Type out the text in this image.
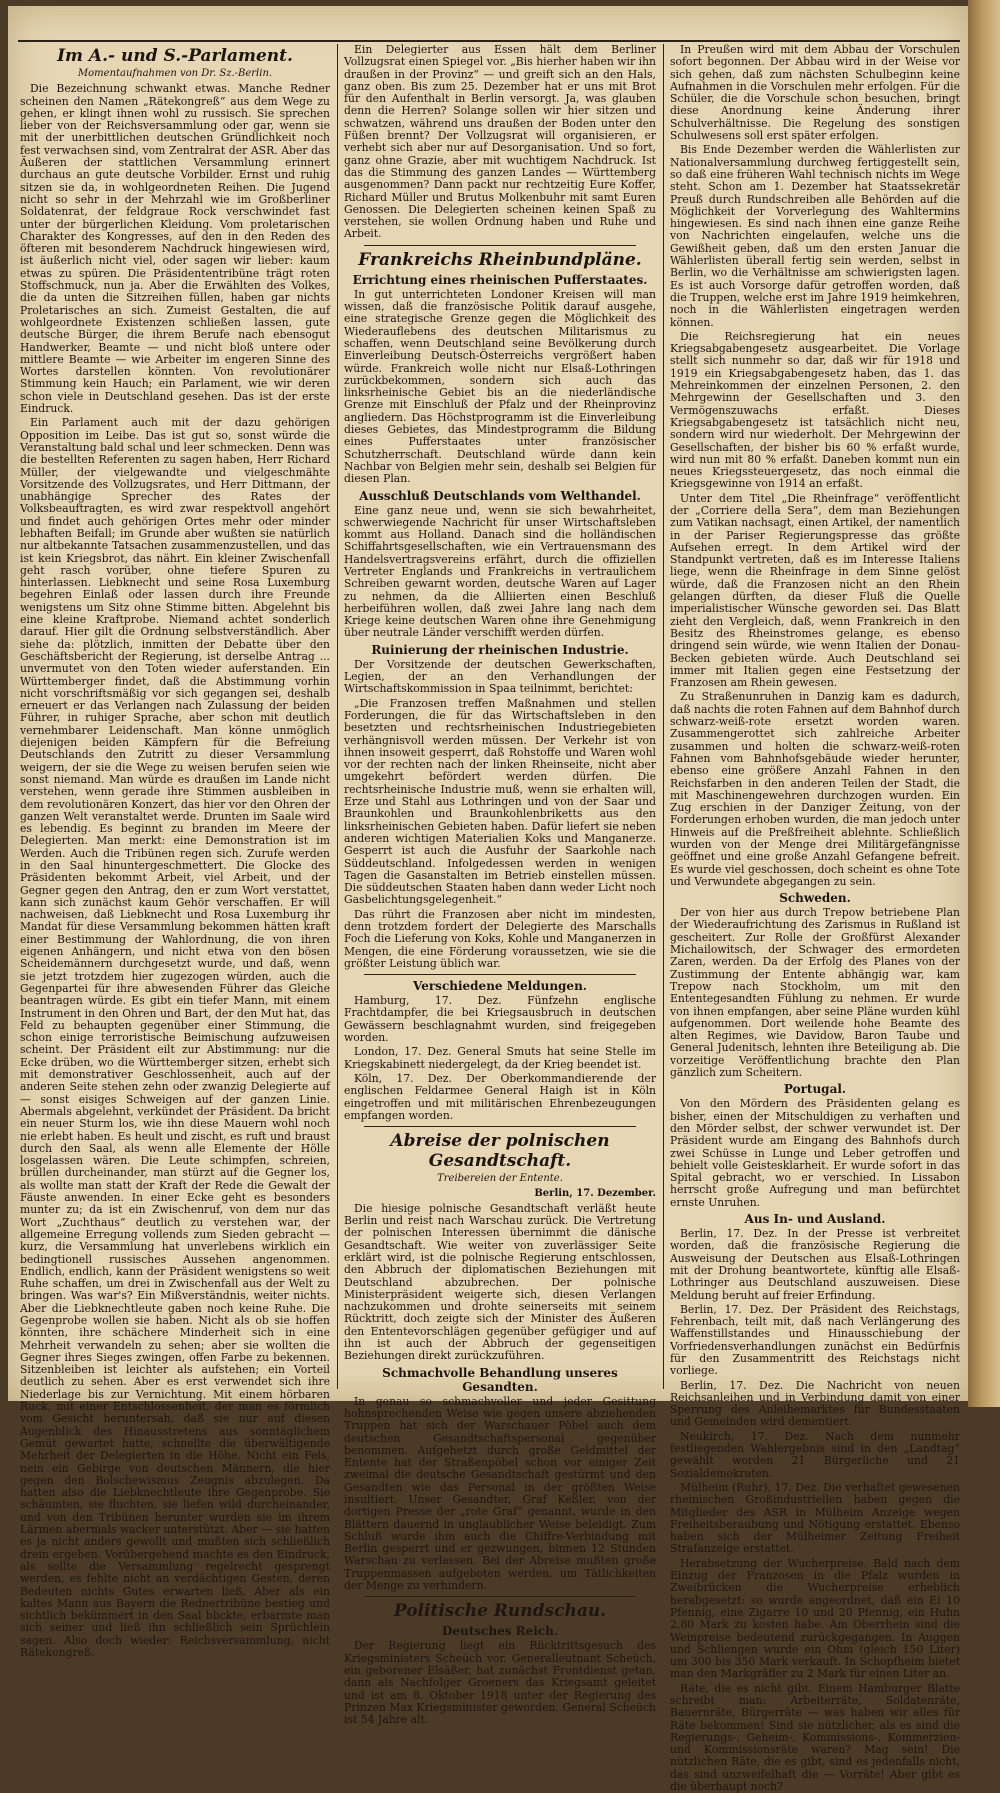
Im A.- und S.-Parlament.
Momentaufnahmen von Dr. Sz.-Berlin.

Die Bezeichnung schwankt etwas. Manche Redner scheinen den Namen „Rätekongreß“ aus dem Wege zu gehen, er klingt ihnen wohl zu russisch. Sie sprechen lieber von der Reichsversammlung oder gar, wenn sie mit der unerbittlichen deutschen Gründlichkeit noch fest verwachsen sind, vom Zentralrat der ASR. Aber das Äußeren der stattlichen Versammlung erinnert durchaus an gute deutsche Vorbilder. Ernst und ruhig sitzen sie da, in wohlgeordneten Reihen. Die Jugend nicht so sehr in der Mehrzahl wie im Großberliner Soldatenrat, der feldgraue Rock verschwindet fast unter der bürgerlichen Kleidung. Vom proletarischen Charakter des Kongresses, auf den in den Reden des öfteren mit besonderem Nachdruck hingewiesen wird, ist äußerlich nicht viel, oder sagen wir lieber: kaum etwas zu spüren. Die Präsidententribüne trägt roten Stoffschmuck, nun ja. Aber die Erwählten des Volkes, die da unten die Sitzreihen füllen, haben gar nichts Proletarisches an sich. Zumeist Gestalten, die auf wohlgeordnete Existenzen schließen lassen, gute deutsche Bürger, die ihrem Berufe nach ebensogut Handwerker, Beamte — und nicht bloß untere oder mittlere Beamte — wie Arbeiter im engeren Sinne des Wortes darstellen könnten. Von revolutionärer Stimmung kein Hauch; ein Parlament, wie wir deren schon viele in Deutschland gesehen. Das ist der erste Eindruck.

Ein Parlament auch mit der dazu gehörigen Opposition im Leibe. Das ist gut so, sonst würde die Veranstaltung bald schal und leer schmecken. Denn was die bestellten Referenten zu sagen haben, Herr Richard Müller, der vielgewandte und vielgeschmähte Vorsitzende des Vollzugsrates, und Herr Dittmann, der unabhängige Sprecher des Rates der Volksbeauftragten, es wird zwar respektvoll angehört und findet auch gehörigen Ortes mehr oder minder lebhaften Beifall; im Grunde aber wußten sie natürlich nur altbekannte Tatsachen zusammenzustellen, und das ist kein Kriegsbrot, das nährt. Ein kleiner Zwischenfall geht rasch vorüber, ohne tiefere Spuren zu hinterlassen. Liebknecht und seine Rosa Luxemburg begehren Einlaß oder lassen durch ihre Freunde wenigstens um Sitz ohne Stimme bitten. Abgelehnt bis eine kleine Kraftprobe. Niemand achtet sonderlich darauf. Hier gilt die Ordnung selbstverständlich. Aber siehe da: plötzlich, inmitten der Debatte über den Geschäftsbericht der Regierung, ist derselbe Antrag ... unvermutet von den Toten wieder auferstanden. Ein Württemberger findet, daß die Abstimmung vorhin nicht vorschriftsmäßig vor sich gegangen sei, deshalb erneuert er das Verlangen nach Zulassung der beiden Führer, in ruhiger Sprache, aber schon mit deutlich vernehmbarer Leidenschaft. Man könne unmöglich diejenigen beiden Kämpfern für die Befreiung Deutschlands den Zutritt zu dieser Versammlung weigern, der sie die Wege zu weisen berufen seien wie sonst niemand. Man würde es draußen im Lande nicht verstehen, wenn gerade ihre Stimmen ausbleiben in dem revolutionären Konzert, das hier vor den Ohren der ganzen Welt veranstaltet werde. Drunten im Saale wird es lebendig. Es beginnt zu branden im Meere der Delegierten. Man merkt: eine Demonstration ist im Werden. Auch die Tribünen regen sich. Zurufe werden in den Saal hinuntergeschmettert. Die Glocke des Präsidenten bekommt Arbeit, viel Arbeit, und der Gegner gegen den Antrag, den er zum Wort verstattet, kann sich zunächst kaum Gehör verschaffen. Er will nachweisen, daß Liebknecht und Rosa Luxemburg ihr Mandat für diese Versammlung bekommen hätten kraft einer Bestimmung der Wahlordnung, die von ihren eigenen Anhängern, und nicht etwa von den bösen Scheidemännern durchgesetzt wurde, und daß, wenn sie jetzt trotzdem hier zugezogen würden, auch die Gegenpartei für ihre abwesenden Führer das Gleiche beantragen würde. Es gibt ein tiefer Mann, mit einem Instrument in den Ohren und Bart, der den Mut hat, das Feld zu behaupten gegenüber einer Stimmung, die schon einige terroristische Beimischung aufzuweisen scheint. Der Präsident eilt zur Abstimmung: nur die Ecke drüben, wo die Württemberger sitzen, erhebt sich mit demonstrativer Geschlossenheit, auch auf der anderen Seite stehen zehn oder zwanzig Delegierte auf — sonst eisiges Schweigen auf der ganzen Linie. Abermals abgelehnt, verkündet der Präsident. Da bricht ein neuer Sturm los, wie ihn diese Mauern wohl noch nie erlebt haben. Es heult und zischt, es ruft und braust durch den Saal, als wenn alle Elemente der Hölle losgelassen wären. Die Leute schimpfen, schreien, brüllen durcheinander, man stürzt auf die Gegner los, als wollte man statt der Kraft der Rede die Gewalt der Fäuste anwenden. In einer Ecke geht es besonders munter zu; da ist ein Zwischenruf, von dem nur das Wort „Zuchthaus“ deutlich zu verstehen war, der allgemeine Erregung vollends zum Sieden gebracht — kurz, die Versammlung hat unverlebens wirklich ein bedingtionell russisches Aussehen angenommen. Endlich, endlich, kann der Präsident wenigstens so weit Ruhe schaffen, um drei in Zwischenfall aus der Welt zu bringen. Was war's? Ein Mißverständnis, weiter nichts. Aber die Liebknechtleute gaben noch keine Ruhe. Die Gegenprobe wollen sie haben. Nicht als ob sie hoffen könnten, ihre schächere Minderheit sich in eine Mehrheit verwandeln zu sehen; aber sie wollten die Gegner ihres Sieges zwingen, offen Farbe zu bekennen. Sitzenbleiben ist leichter als aufstehen; ein Vorteil deutlich zu sehen. Aber es erst verwendet sich ihre Niederlage bis zur Vernichtung. Mit einem hörbaren Ruck, mit einer Entschlossenheit, der man es förmlich vom Gesicht heruntersah, daß sie nur auf diesen Augenblick des Hinausstretens aus sonntäglichem Gemüt gewartet hatte, schnellte die überwältigende Mehrheit der Delegierten in die Höhe. Nicht ein Fels, nein ein Gebirge von deutschen Männern, die hier gegen den Bolschewismus Zeugnis abzulegen. Da hatten also die Liebknechtleute ihre Gegenprobe. Sie schäumten, sie fluchten, sie liefen wild durcheinander, und von den Tribünen herunter wurden sie im ihrem Lärmen abermals wacker unterstützt. Aber — sie hatten es ja nicht anders gewollt und mußten sich schließlich drein ergeben. Vorübergehend machte es den Eindruck, als sollte die Versammlung regelrecht gesprengt werden, es fehlte nicht an verdächtigen Gesten, deren Bedeuten nichts Gutes erwarten ließ. Aber als ein kaltes Mann aus Bayern die Rednertribüne bestieg und sichtlich bekümmert in den Saal blickte, erbarmte man sich seiner und ließ ihn schließlich sein Sprüchlein sagen. Also doch wieder: Reichsversammlung, nicht Rätekongreß.

Ein Delegierter aus Essen hält dem Berliner Vollzugsrat einen Spiegel vor. „Bis hierher haben wir ihn draußen in der Provinz“ — und greift sich an den Hals, ganz oben. Bis zum 25. Dezember hat er uns mit Brot für den Aufenthalt in Berlin versorgt. Ja, was glauben denn die Herren? Solange sollen wir hier sitzen und schwatzen, während uns draußen der Boden unter den Füßen brennt? Der Vollzugsrat will organisieren, er verhebt sich aber nur auf Desorganisation. Und so fort, ganz ohne Grazie, aber mit wuchtigem Nachdruck. Ist das die Stimmung des ganzen Landes — Württemberg ausgenommen? Dann packt nur rechtzeitig Eure Koffer, Richard Müller und Brutus Molkenbuhr mit samt Euren Genossen. Die Delegierten scheinen keinen Spaß zu verstehen, sie wollen Ordnung haben und Ruhe und Arbeit.

Frankreichs Rheinbundpläne.
Errichtung eines rheinischen Pufferstaates.

In gut unterrichteten Londoner Kreisen will man wissen, daß die französische Politik darauf ausgehe, eine strategische Grenze gegen die Möglichkeit des Wiederauflebens des deutschen Militarismus zu schaffen, wenn Deutschland seine Bevölkerung durch Einverleibung Deutsch-Österreichs vergrößert haben würde. Frankreich wolle nicht nur Elsaß-Lothringen zurückbekommen, sondern sich auch das linksrheinische Gebiet bis an die niederländische Grenze mit Einschluß der Pfalz und der Rheinprovinz angliedern. Das Höchstprogramm ist die Einverleibung dieses Gebietes, das Mindestprogramm die Bildung eines Pufferstaates unter französischer Schutzherrschaft. Deutschland würde dann kein Nachbar von Belgien mehr sein, deshalb sei Belgien für diesen Plan.

Ausschluß Deutschlands vom Welthandel.

Eine ganz neue und, wenn sie sich bewahrheitet, schwerwiegende Nachricht für unser Wirtschaftsleben kommt aus Holland. Danach sind die holländischen Schiffahrtsgesellschaften, wie ein Vertrauensmann des Handelsvertragsvereins erfährt, durch die offiziellen Vertreter Englands und Frankreichs in vertraulichem Schreiben gewarnt worden, deutsche Waren auf Lager zu nehmen, da die Alliierten einen Beschluß herbeiführen wollen, daß zwei Jahre lang nach dem Kriege keine deutschen Waren ohne ihre Genehmigung über neutrale Länder verschifft werden dürfen.

Ruinierung der rheinischen Industrie.

Der Vorsitzende der deutschen Gewerkschaften, Legien, der an den Verhandlungen der Wirtschaftskommission in Spaa teilnimmt, berichtet:

„Die Franzosen treffen Maßnahmen und stellen Forderungen, die für das Wirtschaftsleben in den besetzten und rechtsrheinischen Industriegebieten verhängnisvoll werden müssen. Der Verkehr ist von ihnen insoweit gesperrt, daß Rohstoffe und Waren wohl vor der rechten nach der linken Rheinseite, nicht aber umgekehrt befördert werden dürfen. Die rechtsrheinische Industrie muß, wenn sie erhalten will, Erze und Stahl aus Lothringen und von der Saar und Braunkohlen und Braunkohlenbriketts aus den linksrheinischen Gebieten haben. Dafür liefert sie neben anderen wichtigen Materialien Koks und Manganerze. Gesperrt ist auch die Ausfuhr der Saarkohle nach Süddeutschland. Infolgedessen werden in wenigen Tagen die Gasanstalten im Betrieb einstellen müssen. Die süddeutschen Staaten haben dann weder Licht noch Gasbelichtungsgelegenheit.“

Das rührt die Franzosen aber nicht im mindesten, denn trotzdem fordert der Delegierte des Marschalls Foch die Lieferung von Koks, Kohle und Manganerzen in Mengen, die eine Förderung voraussetzen, wie sie die größter Leistung üblich war.

Verschiedene Meldungen.

Hamburg, 17. Dez. Fünfzehn englische Frachtdampfer, die bei Kriegsausbruch in deutschen Gewässern beschlagnahmt wurden, sind freigegeben worden.

London, 17. Dez. General Smuts hat seine Stelle im Kriegskabinett niedergelegt, da der Krieg beendet ist.

Köln, 17. Dez. Der Oberkommandierende der englischen Feldarmee General Haigh ist in Köln eingetroffen und mit militärischen Ehrenbezeugungen empfangen worden.

Abreise der polnischen Gesandtschaft.
Treibereien der Entente.
Berlin, 17. Dezember.

Die hiesige polnische Gesandtschaft verläßt heute Berlin und reist nach Warschau zurück. Die Vertretung der polnischen Interessen übernimmt die dänische Gesandtschaft. Wie weiter von zuverlässiger Seite erklärt wird, ist die polnische Regierung entschlossen, den Abbruch der diplomatischen Beziehungen mit Deutschland abzubrechen. Der polnische Ministerpräsident weigerte sich, diesen Verlangen nachzukommen und drohte seinerseits mit seinem Rücktritt, doch zeigte sich der Minister des Äußeren den Ententevorschlägen gegenüber gefügiger und auf ihn ist auch der Abbruch der gegenseitigen Beziehungen direkt zurückzuführen.

Schmachvolle Behandlung unseres Gesandten.

In genau so schmachvoller und jeder Gesittung hohnsprechenden Weise wie gegen unsere abziehenden Truppen hat sich der Warschauer Pöbel auch dem deutschen Gesandtschaftspersonal gegenüber benommen. Aufgehetzt durch große Geldmittel der Entente hat der Straßenpöbel schon vor einiger Zeit zweimal die deutsche Gesandtschaft gestürmt und den Gesandten wie das Personal in der größten Weise insultiert. Unser Gesandter, Graf Keßler, von der dortigen Presse der „rote Graf“ genannt, wurde in den Blättern dauernd in unglaublicher Weise beleidigt. Zum Schluß wurde ihm auch die Chiffre-Verbindung mit Berlin gesperrt und er gezwungen, binnen 12 Stunden Warschau zu verlassen. Bei der Abreise mußten große Truppenmassen aufgeboten werden, um Tätlichkeiten der Menge zu verhindern.

Politische Rundschau.
Deutsches Reich.

Der Regierung liegt ein Rücktrittsgesuch des Kriegsministers Scheüch vor. Generalleutnant Scheüch, ein geborener Elsäßer, hat zunächst Frontdienst getan, dann als Nachfolger Groeners das Kriegsamt geleitet und ist am 8. Oktober 1918 unter der Regierung des Prinzen Max Kriegsminister geworden. General Scheüch ist 54 Jahre alt.

In Preußen wird mit dem Abbau der Vorschulen sofort begonnen. Der Abbau wird in der Weise vor sich gehen, daß zum nächsten Schulbeginn keine Aufnahmen in die Vorschulen mehr erfolgen. Für die Schüler, die die Vorschule schon besuchen, bringt diese Anordnung keine Änderung ihrer Schulverhältnisse. Die Regelung des sonstigen Schulwesens soll erst später erfolgen.

Bis Ende Dezember werden die Wählerlisten zur Nationalversammlung durchweg fertiggestellt sein, so daß eine früheren Wahl technisch nichts im Wege steht. Schon am 1. Dezember hat Staatssekretär Preuß durch Rundschreiben alle Behörden auf die Möglichkeit der Vorverlegung des Wahltermins hingewiesen. Es sind nach ihnen eine ganze Reihe von Nachrichten eingelaufen, welche uns die Gewißheit geben, daß um den ersten Januar die Wählerlisten überall fertig sein werden, selbst in Berlin, wo die Verhältnisse am schwierigsten lagen. Es ist auch Vorsorge dafür getroffen worden, daß die Truppen, welche erst im Jahre 1919 heimkehren, noch in die Wählerlisten eingetragen werden können.

Die Reichsregierung hat ein neues Kriegsabgabengesetz ausgearbeitet. Die Vorlage stellt sich nunmehr so dar, daß wir für 1918 und 1919 ein Kriegsabgabengesetz haben, das 1. das Mehreinkommen der einzelnen Personen, 2. den Mehrgewinn der Gesellschaften und 3. den Vermögenszuwachs erfaßt. Dieses Kriegsabgabengesetz ist tatsächlich nicht neu, sondern wird nur wiederholt. Der Mehrgewinn der Gesellschaften, der bisher bis 60 % erfaßt wurde, wird nun mit 80 % erfaßt. Daneben kommt nun ein neues Kriegssteuergesetz, das noch einmal die Kriegsgewinne von 1914 an erfaßt.

Unter dem Titel „Die Rheinfrage“ veröffentlicht der „Corriere della Sera“, dem man Beziehungen zum Vatikan nachsagt, einen Artikel, der namentlich in der Pariser Regierungspresse das größte Aufsehen erregt. In dem Artikel wird der Standpunkt vertreten, daß es im Interesse Italiens liege, wenn die Rheinfrage in dem Sinne gelöst würde, daß die Franzosen nicht an den Rhein gelangen dürften, da dieser Fluß die Quelle imperialistischer Wünsche geworden sei. Das Blatt zieht den Vergleich, daß, wenn Frankreich in den Besitz des Rheinstromes gelange, es ebenso dringend sein würde, wie wenn Italien der Donau-Becken gebieten würde. Auch Deutschland sei immer mit Italien gegen eine Festsetzung der Franzosen am Rhein gewesen.

Zu Straßenunruhen in Danzig kam es dadurch, daß nachts die roten Fahnen auf dem Bahnhof durch schwarz-weiß-rote ersetzt worden waren. Zusammengerottet sich zahlreiche Arbeiter zusammen und holten die schwarz-weiß-roten Fahnen vom Bahnhofsgebäude wieder herunter, ebenso eine größere Anzahl Fahnen in den Reichsfarben in den anderen Teilen der Stadt, die mit Maschinengewehren durchzogen wurden. Ein Zug erschien in der Danziger Zeitung, von der Forderungen erhoben wurden, die man jedoch unter Hinweis auf die Preßfreiheit ablehnte. Schließlich wurden von der Menge drei Militärgefängnisse geöffnet und eine große Anzahl Gefangene befreit. Es wurde viel geschossen, doch scheint es ohne Tote und Verwundete abgegangen zu sein.

Schweden.

Der von hier aus durch Trepow betriebene Plan der Wiederaufrichtung des Zarismus in Rußland ist gescheitert. Zur Rolle der Großfürst Alexander Michailowitsch, der Schwager des ermordeten Zaren, werden. Da der Erfolg des Planes von der Zustimmung der Entente abhängig war, kam Trepow nach Stockholm, um mit den Ententegesandten Fühlung zu nehmen. Er wurde von ihnen empfangen, aber seine Pläne wurden kühl aufgenommen. Dort weilende hohe Beamte des alten Regimes, wie Davidow, Baron Taube und General Judenitsch, lehnten ihre Beteiligung ab. Die vorzeitige Veröffentlichung brachte den Plan gänzlich zum Scheitern.

Portugal.

Von den Mördern des Präsidenten gelang es bisher, einen der Mitschuldigen zu verhaften und den Mörder selbst, der schwer verwundet ist. Der Präsident wurde am Eingang des Bahnhofs durch zwei Schüsse in Lunge und Leber getroffen und behielt volle Geistesklarheit. Er wurde sofort in das Spital gebracht, wo er verschied. In Lissabon herrscht große Aufregung und man befürchtet ernste Unruhen.

Aus In- und Ausland.

Berlin, 17. Dez. In der Presse ist verbreitet worden, daß die französische Regierung die Ausweisung der Deutschen aus Elsaß-Lothringen mit der Drohung beantwortete, künftig alle Elsaß-Lothringer aus Deutschland auszuweisen. Diese Meldung beruht auf freier Erfindung.

Berlin, 17. Dez. Der Präsident des Reichstags, Fehrenbach, teilt mit, daß nach Verlängerung des Waffenstillstandes und Hinausschiebung der Vorfriedensverhandlungen zunächst ein Bedürfnis für den Zusammentritt des Reichstags nicht vorliege.

Berlin, 17. Dez. Die Nachricht von neuen Reichsanleihen und in Verbindung damit von einer Sperrung des Anleihemarktes für Bundesstaaten und Gemeinden wird dementiert.

Neukirch, 17. Dez. Nach dem nunmehr festliegenden Wahlergebnis sind in den „Landtag“ gewählt worden 21 Bürgerliche und 21 Sozialdemokraten.

Mülheim (Ruhr), 17. Dez. Die verhaftet gewesenen rheinischen Großindustriellen haben gegen die Mitglieder des ASR in Mülheim Anzeige wegen Freiheitsberaubung und Nötigung erstattet. Ebenso haben sich der Mülheimer Zeitung Freiheit Strafanzeige erstattet.

Herabsetzung der Wucherpreise. Bald nach dem Einzug der Franzosen in die Pfalz wurden in Zweibrücken die Wucherpreise erheblich herabgesetzt: so wurde angeordnet, daß ein Ei 10 Pfennig, eine Zigarre 10 und 20 Pfennig, ein Huhn 2,80 Mark zu kosten habe. Am Oberrhein sind die Weinpreise bedeutend zurückgegangen. In Auggen und Schliengen wurde ein Ohm (gleich 150 Liter) um 300 bis 350 Mark verkauft. In Schopfheim bietet man den Markgräfler zu 2 Mark für einen Liter an.

Räte, die es nicht gibt. Einem Hamburger Blatte schreibt man: Arbeiterräte, Soldatenräte, Bauernräte, Bürgerräte — was haben wir alles für Räte bekommen! Sind sie nützlicher, als es sind die Regierungs-, Geheim-, Kommissions-, Kommerzien- und Kommissionsräte waren? Mag sein! Die nützlichen Räte, die es gibt, sind es jedenfalls nicht, das sind unzweifelhaft die — Vorräte! Aber gibt es die überhaupt noch?
